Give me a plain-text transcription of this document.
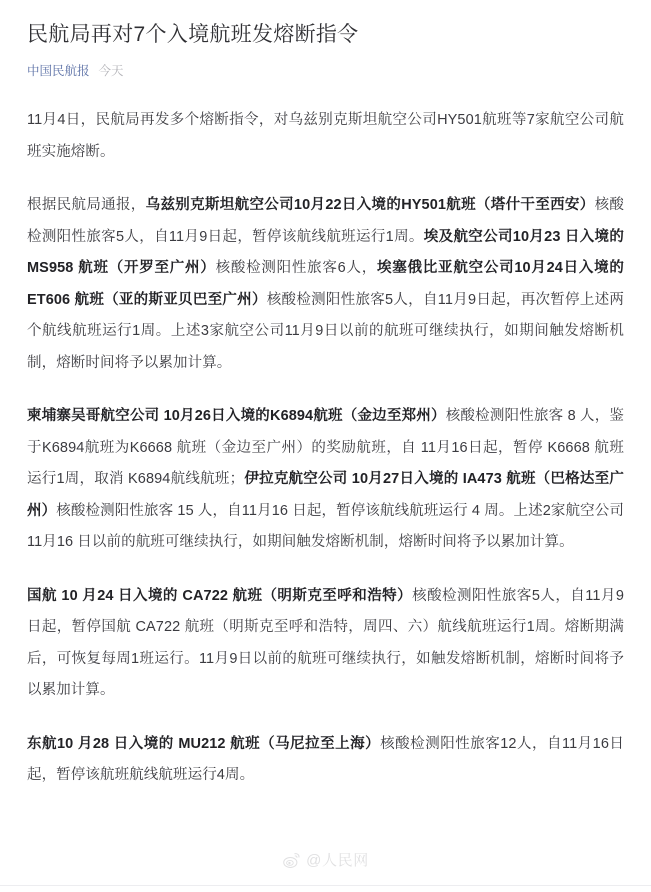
民航局再对7个入境航班发熔断指令
中国民航报 今天

11月4日，民航局再发多个熔断指令，对乌兹别克斯坦航空公司HY501航班等7家航空公司航班实施熔断。

根据民航局通报，乌兹别克斯坦航空公司10月22日入境的HY501航班（塔什干至西安）核酸检测阳性旅客5人，自11月9日起，暂停该航线航班运行1周。埃及航空公司10月23 日入境的MS958 航班（开罗至广州）核酸检测阳性旅客6人，埃塞俄比亚航空公司10月24日入境的ET606 航班（亚的斯亚贝巴至广州）核酸检测阳性旅客5人，自11月9日起，再次暂停上述两个航线航班运行1周。上述3家航空公司11月9日以前的航班可继续执行，如期间触发熔断机制，熔断时间将予以累加计算。

柬埔寨吴哥航空公司 10月26日入境的K6894航班（金边至郑州）核酸检测阳性旅客 8 人，鉴于K6894航班为K6668 航班（金边至广州）的奖励航班，自 11月16日起，暂停 K6668 航班运行1周，取消 K6894航线航班；伊拉克航空公司 10月27日入境的 IA473 航班（巴格达至广州）核酸检测阳性旅客 15 人，自11月16 日起，暂停该航线航班运行 4 周。上述2家航空公司11月16 日以前的航班可继续执行，如期间触发熔断机制，熔断时间将予以累加计算。

国航 10 月24 日入境的 CA722 航班（明斯克至呼和浩特）核酸检测阳性旅客5人，自11月9日起，暂停国航 CA722 航班（明斯克至呼和浩特，周四、六）航线航班运行1周。熔断期满后，可恢复每周1班运行。11月9日以前的航班可继续执行，如触发熔断机制，熔断时间将予以累加计算。

东航10 月28 日入境的 MU212 航班（马尼拉至上海）核酸检测阳性旅客12人，自11月16日起，暂停该航班航线航班运行4周。

@人民网
